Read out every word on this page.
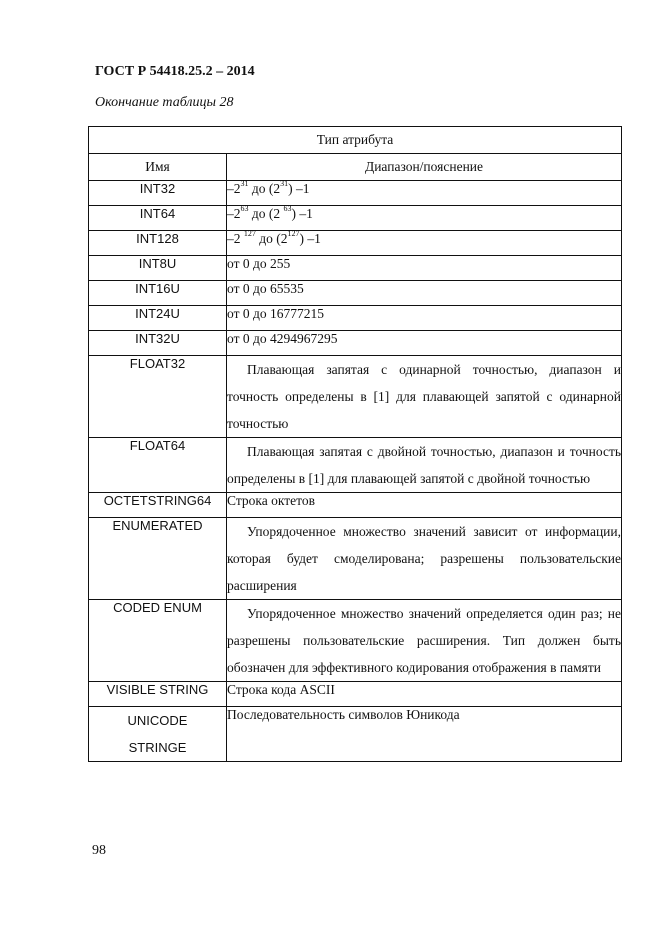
ГОСТ Р 54418.25.2 – 2014
Окончание таблицы 28
Тип атрибута	
Имя	Диапазон/пояснение
INT32	$-2^{31}$ до $(2^{31})$ –1
INT64	$-2^{63}$ до (2 $^{63}$) –1
INT128	–2 $^{127}$ до $(2^{127})$ –1
INT8U	от 0 до 255
INT16U	от 0 до 65535
INT24U	от 0 до 16777215
INT32U	от 0 до 4294967295
FLOAT32	Плавающая запятая с одинарной точностью, диапазон и точность определены в [1] для плавающей запятой с одинарной точностью

FLOAT64	Плавающая запятая с двойной точностью, диапазон и точность определены в [1] для плавающей запятой с двойной точностью

OCTETSTRING64	Строка октетов
ENUMERATED	Упорядоченное множество значений зависит от информации, которая будет смоделирована; разрешены пользовательские расширения

CODED ENUM	Упорядоченное множество значений определяется один раз; не разрешены пользовательские расширения. Тип должен быть обозначен для эффективного кодирования отображения в памяти

VISIBLE STRING	Строка кода ASCII

UNICODE
STRINGE	Последовательность символов Юникода
98
